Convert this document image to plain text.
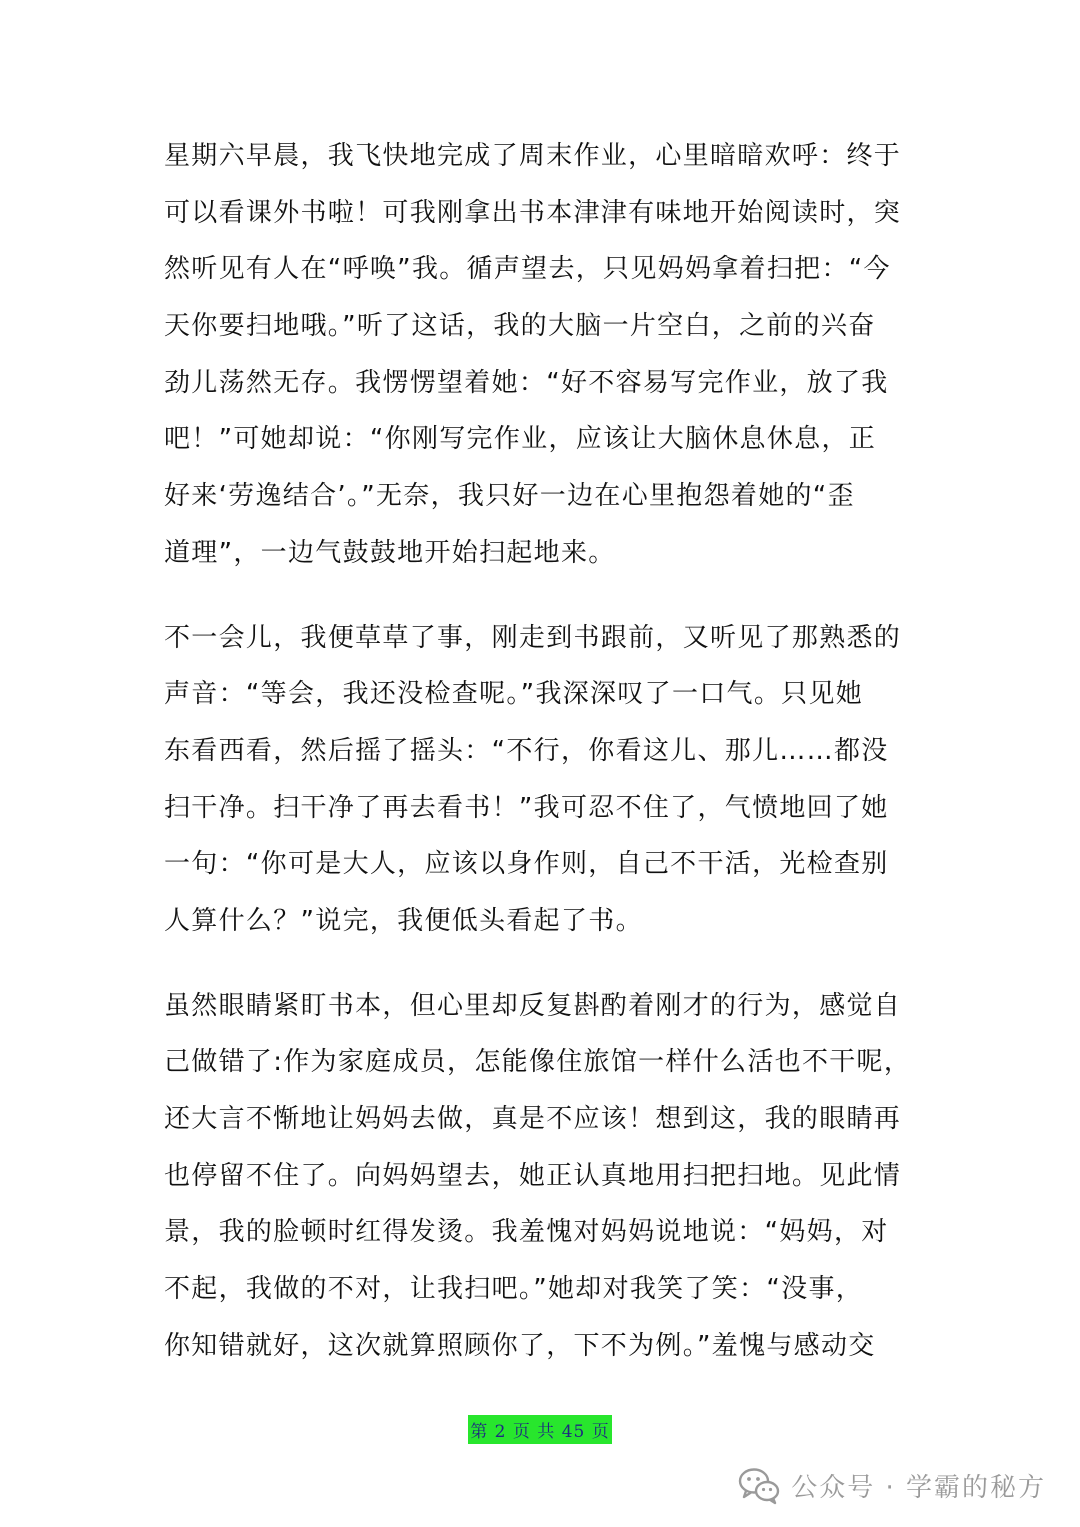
星期六早晨，我飞快地完成了周末作业，心里暗暗欢呼：终于
可以看课外书啦！可我刚拿出书本津津有味地开始阅读时，突
然听见有人在“呼唤”我。循声望去，只见妈妈拿着扫把：“今
天你要扫地哦。”听了这话，我的大脑一片空白，之前的兴奋
劲儿荡然无存。我愣愣望着她：“好不容易写完作业，放了我
吧！”可她却说：“你刚写完作业，应该让大脑休息休息，正
好来‘劳逸结合’。”无奈，我只好一边在心里抱怨着她的“歪
道理”，一边气鼓鼓地开始扫起地来。
不一会儿，我便草草了事，刚走到书跟前，又听见了那熟悉的
声音：“等会，我还没检查呢。”我深深叹了一口气。只见她
东看西看，然后摇了摇头：“不行，你看这儿、那儿……都没
扫干净。扫干净了再去看书！”我可忍不住了，气愤地回了她
一句：“你可是大人，应该以身作则，自己不干活，光检查别
人算什么？”说完，我便低头看起了书。
虽然眼睛紧盯书本，但心里却反复斟酌着刚才的行为，感觉自
己做错了:作为家庭成员，怎能像住旅馆一样什么活也不干呢，
还大言不惭地让妈妈去做，真是不应该！想到这，我的眼睛再
也停留不住了。向妈妈望去，她正认真地用扫把扫地。见此情
景，我的脸顿时红得发烫。我羞愧对妈妈说地说：“妈妈，对
不起，我做的不对，让我扫吧。”她却对我笑了笑：“没事，
你知错就好，这次就算照顾你了，下不为例。”羞愧与感动交
第 2 页 共 45 页
公众号 · 学霸的秘方
